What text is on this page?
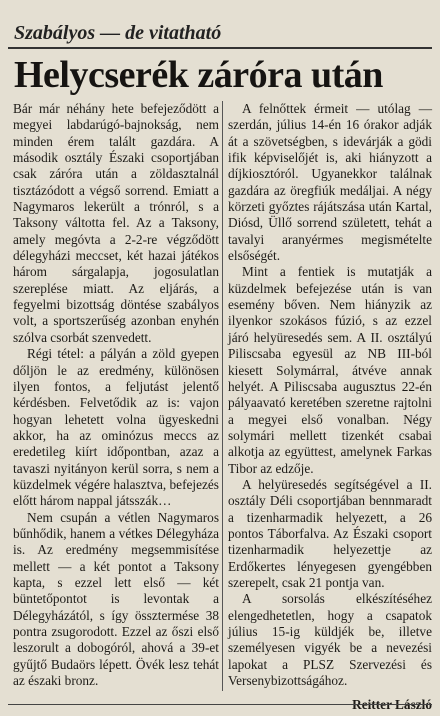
Szabályos — de vitatható
Helycserék záróra után

Bár már néhány hete befejeződött a megyei labdarúgó-bajnokság, nem minden érem talált gazdára. A második osztály Északi csoportjában csak záróra után a zöldasztalnál tisztázódott a végső sorrend. Emiatt a Nagymaros lekerült a trónról, s a Taksony váltotta fel. Az a Taksony, amely megóvta a 2-2-re végződött délegyházi meccset, két hazai játékos három sárgalapja, jogosulatlan szereplése miatt. Az eljárás, a fegyelmi bizottság döntése szabályos volt, a sportszerűség azonban enyhén szólva csorbát szenvedett.

Régi tétel: a pályán a zöld gyepen dőljön le az eredmény, különösen ilyen fontos, a feljutást jelentő kérdésben. Felvetődik az is: vajon hogyan lehetett volna ügyeskedni akkor, ha az ominózus meccs az eredetileg kiírt időpontban, azaz a tavaszi nyitányon kerül sorra, s nem a küzdelmek végére halasztva, befejezés előtt három nappal játsszák…

Nem csupán a vétlen Nagymaros bűnhődik, hanem a vétkes Délegyháza is. Az eredmény megsemmisítése mellett — a két pontot a Taksony kapta, s ezzel lett első — két büntetőpontot is levontak a Délegyházától, s így össztermése 38 pontra zsugorodott. Ezzel az őszi első leszorult a dobogóról, ahová a 39-et gyűjtő Budaörs lépett. Övék lesz tehát az északi bronz.

A felnőttek érmeit — utólag — szerdán, július 14-én 16 órakor adják át a szövetségben, s idevárják a gödi ifik képviselőjét is, aki hiányzott a díjkiosztóról. Ugyanekkor találnak gazdára az öregfiúk medáljai. A négy körzeti győztes rájátszása után Kartal, Diósd, Üllő sorrend született, tehát a tavalyi aranyérmes megismételte elsőségét.

Mint a fentiek is mutatják a küzdelmek befejezése után is van esemény bőven. Nem hiányzik az ilyenkor szokásos fúzió, s az ezzel járó helyüresedés sem. A II. osztályú Piliscsaba egyesül az NB III-ból kiesett Solymárral, átvéve annak helyét. A Piliscsaba augusztus 22-én pályaavató keretében szeretne rajtolni a megyei első vonalban. Négy solymári mellett tizenkét csabai alkotja az együttest, amelynek Farkas Tibor az edzője.

A helyüresedés segítségével a II. osztály Déli csoportjában bennmaradt a tizenharmadik helyezett, a 26 pontos Táborfalva. Az Északi csoport tizenharmadik helyezettje az Erdőkertes lényegesen gyengébben szerepelt, csak 21 pontja van.

A sorsolás elkészítéséhez elengedhetetlen, hogy a csapatok július 15-ig küldjék be, illetve személyesen vigyék be a nevezési lapokat a PLSZ Szervezési és Versenybizottságához.

Reitter László
